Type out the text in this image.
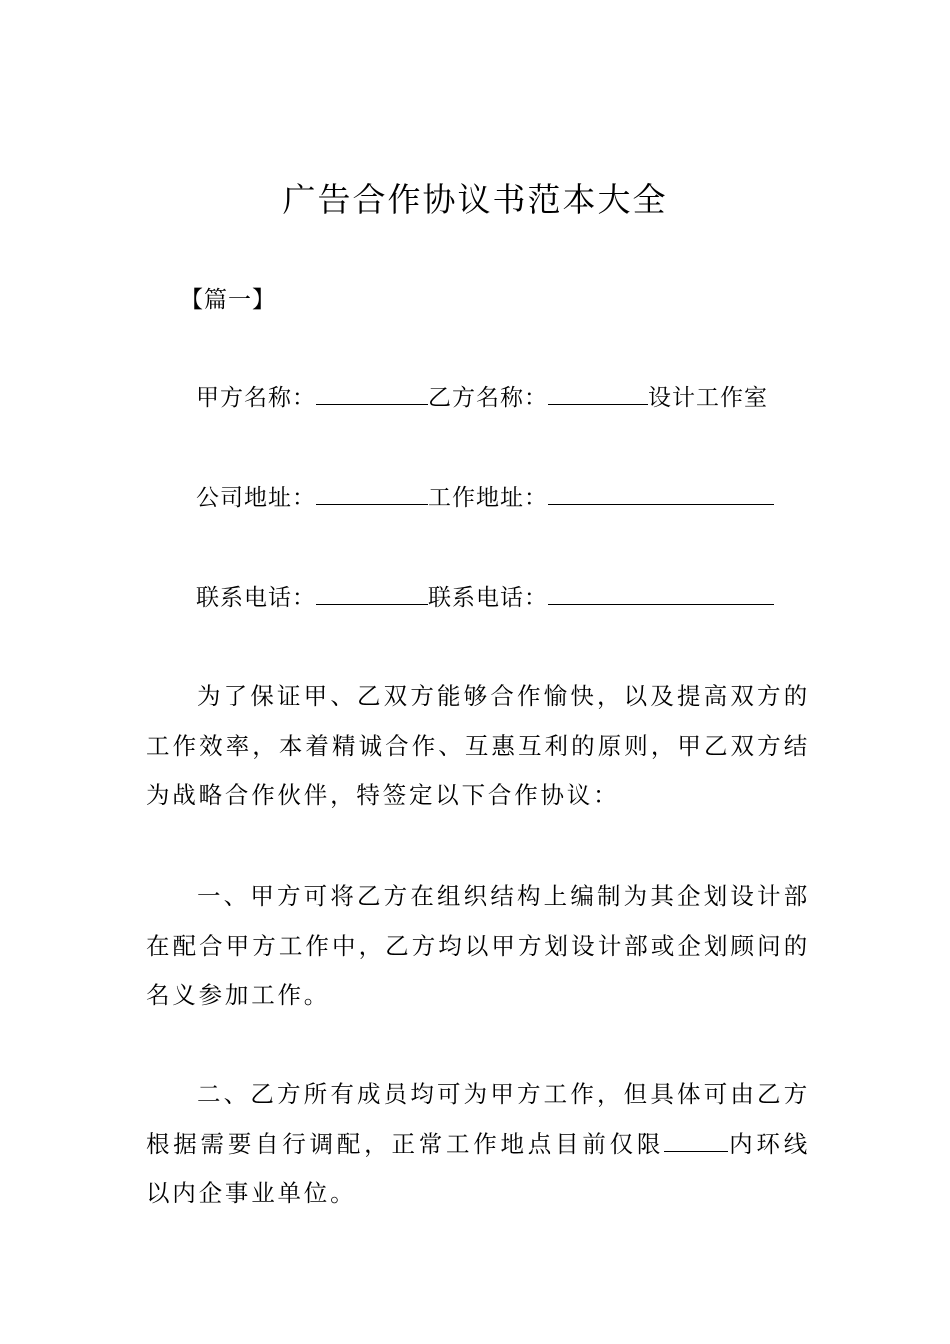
广告合作协议书范本大全
【篇一】
甲方名称：	乙方名称：	设计工作室
公司地址：	工作地址：
联系电话：	联系电话：

为了保证甲、乙双方能够合作愉快，以及提高双方的工作效率，本着精诚合作、互惠互利的原则，甲乙双方结为战略合作伙伴，特签定以下合作协议：

一、甲方可将乙方在组织结构上编制为其企划设计部在配合甲方工作中，乙方均以甲方划设计部或企划顾问的名义参加工作。

二、乙方所有成员均可为甲方工作，但具体可由乙方根据需要自行调配，正常工作地点目前仅限	内环线以内企事业单位。
